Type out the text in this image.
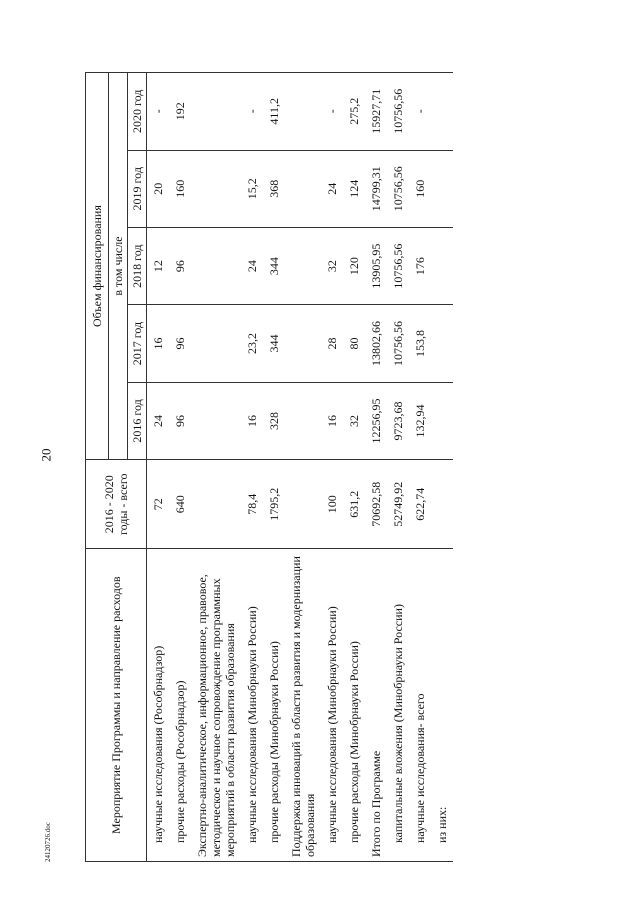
20
Мероприятие Программы и направление расходов	2016 - 2020 годы - всего	Объем финансирования				
		в том числе				
		2016 год	2017 год	2018 год	2019 год	2020 год
научные исследования (Рособрнадзор)	72	24	16	12	20	-
прочие расходы (Рособрнадзор)	640	96	96	96	160	192
Экспертно-аналитическое, информационное, правовое, методическое и научное сопровождение программных мероприятий в области развития образования						
научные исследования (Минобрнауки России)	78,4	16	23,2	24	15,2	-
прочие расходы (Минобрнауки России)	1795,2	328	344	344	368	411,2
Поддержка инноваций в области развития и модернизации образования						
научные исследования (Минобрнауки России)	100	16	28	32	24	-
прочие расходы (Минобрнауки России)	631,2	32	80	120	124	275,2
Итого по Программе	70692,58	12256,95	13802,66	13905,95	14799,31	15927,71
капитальные вложения (Минобрнауки России)	52749,92	9723,68	10756,56	10756,56	10756,56	10756,56
научные исследования- всего	622,74	132,94	153,8	176	160	-
из них:						
24120726.doc
